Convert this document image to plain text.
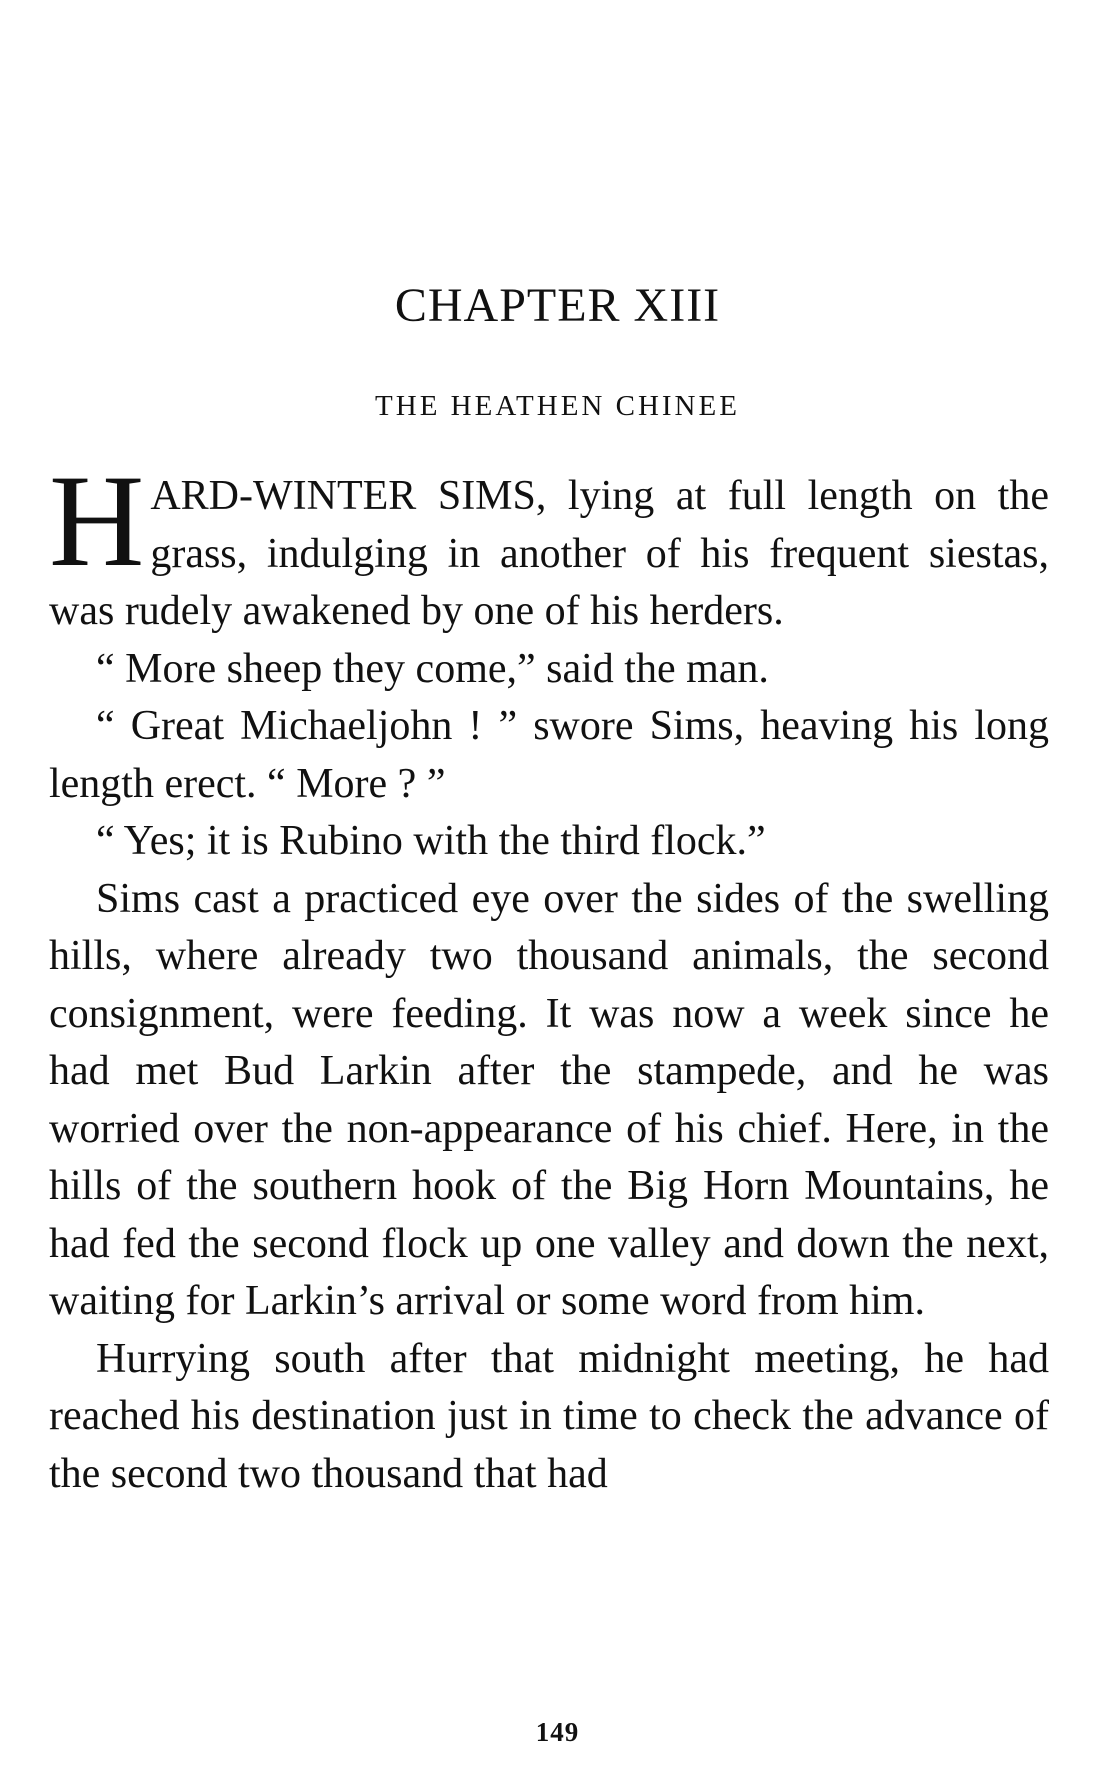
CHAPTER XIII
THE HEATHEN CHINEE
H ARD-WINTER SIMS, lying at full length on the grass, indulging in another of his frequent siestas, was rudely awakened by one of his herders.

“ More sheep they come,” said the man.

“ Great Michaeljohn ! ” swore Sims, heaving his long length erect. “ More ? ”

“ Yes; it is Rubino with the third flock.”

Sims cast a practiced eye over the sides of the swelling hills, where already two thousand animals, the second consignment, were feeding. It was now a week since he had met Bud Larkin after the stampede, and he was worried over the non-appearance of his chief. Here, in the hills of the southern hook of the Big Horn Mountains, he had fed the second flock up one valley and down the next, waiting for Larkin’s arrival or some word from him.

Hurrying south after that midnight meeting, he had reached his destination just in time to check the advance of the second two thousand that had

149
